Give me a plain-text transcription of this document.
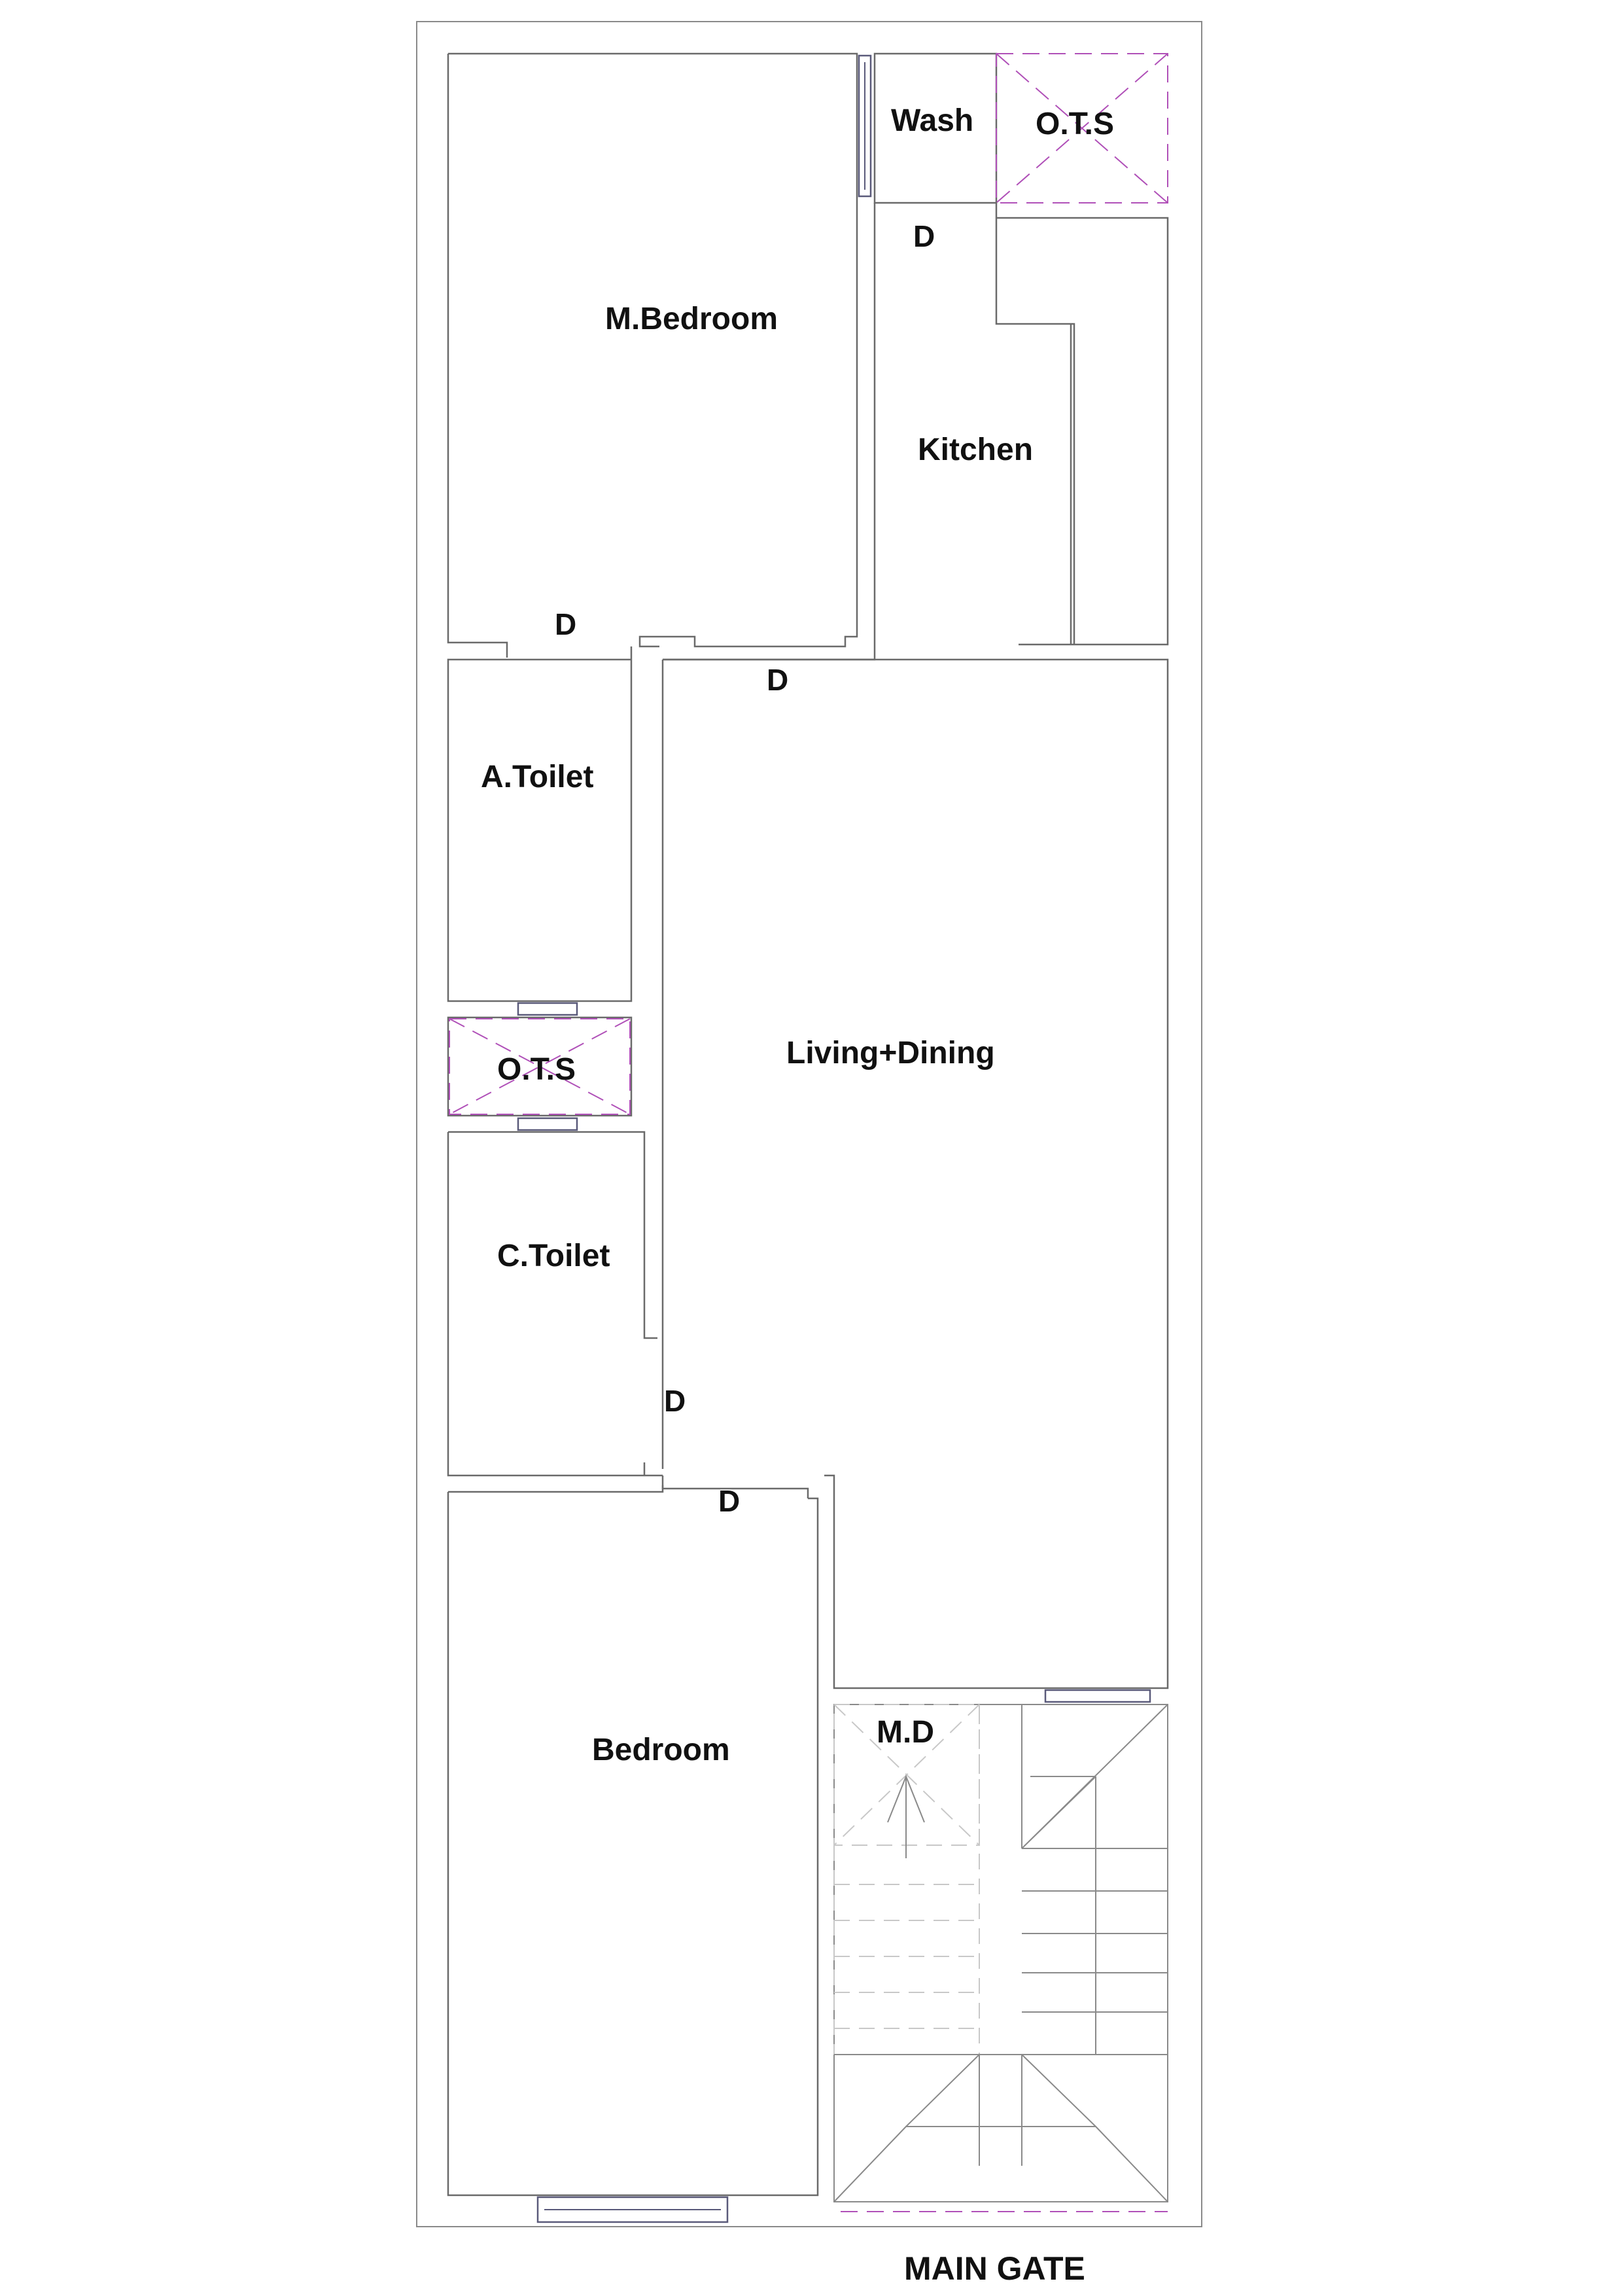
Wash O.T.S
M.Bedroom
Kitchen
A.Toilet
O.T.S	Living+Dining
C.Toilet
Bedroom
M.D
D
D
D
D
D
MAIN GATE
